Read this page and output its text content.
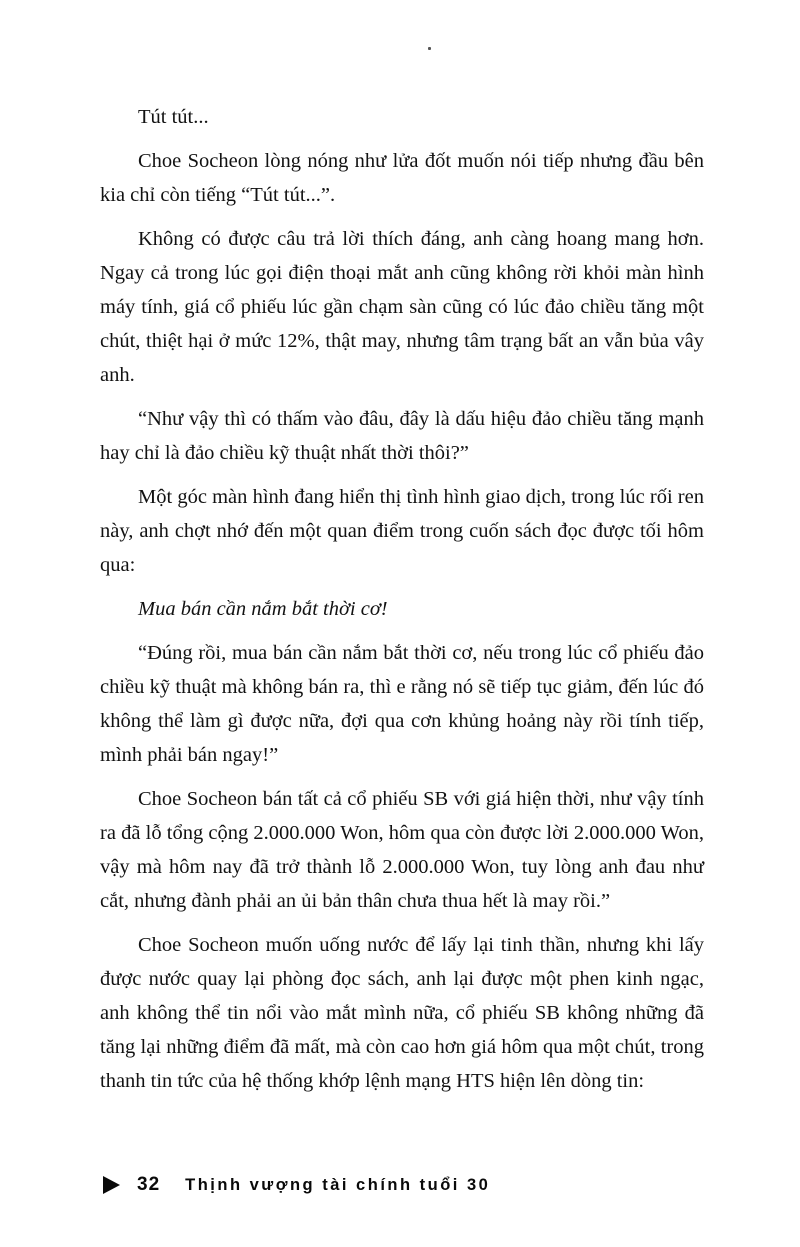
Tút tút...

Choe Socheon lòng nóng như lửa đốt muốn nói tiếp nhưng đầu bên kia chỉ còn tiếng “Tút tút...”.

Không có được câu trả lời thích đáng, anh càng hoang mang hơn. Ngay cả trong lúc gọi điện thoại mắt anh cũng không rời khỏi màn hình máy tính, giá cổ phiếu lúc gần chạm sàn cũng có lúc đảo chiều tăng một chút, thiệt hại ở mức 12%, thật may, nhưng tâm trạng bất an vẫn bủa vây anh.

“Như vậy thì có thấm vào đâu, đây là dấu hiệu đảo chiều tăng mạnh hay chỉ là đảo chiều kỹ thuật nhất thời thôi?”

Một góc màn hình đang hiển thị tình hình giao dịch, trong lúc rối ren này, anh chợt nhớ đến một quan điểm trong cuốn sách đọc được tối hôm qua:

Mua bán cần nắm bắt thời cơ!

“Đúng rồi, mua bán cần nắm bắt thời cơ, nếu trong lúc cổ phiếu đảo chiều kỹ thuật mà không bán ra, thì e rằng nó sẽ tiếp tục giảm, đến lúc đó không thể làm gì được nữa, đợi qua cơn khủng hoảng này rồi tính tiếp, mình phải bán ngay!”

Choe Socheon bán tất cả cổ phiếu SB với giá hiện thời, như vậy tính ra đã lỗ tổng cộng 2.000.000 Won, hôm qua còn được lời 2.000.000 Won, vậy mà hôm nay đã trở thành lỗ 2.000.000 Won, tuy lòng anh đau như cắt, nhưng đành phải an ủi bản thân chưa thua hết là may rồi.”

Choe Socheon muốn uống nước để lấy lại tinh thần, nhưng khi lấy được nước quay lại phòng đọc sách, anh lại được một phen kinh ngạc, anh không thể tin nổi vào mắt mình nữa, cổ phiếu SB không những đã tăng lại những điểm đã mất, mà còn cao hơn giá hôm qua một chút, trong thanh tin tức của hệ thống khớp lệnh mạng HTS hiện lên dòng tin:

32 Thịnh vượng tài chính tuổi 30
